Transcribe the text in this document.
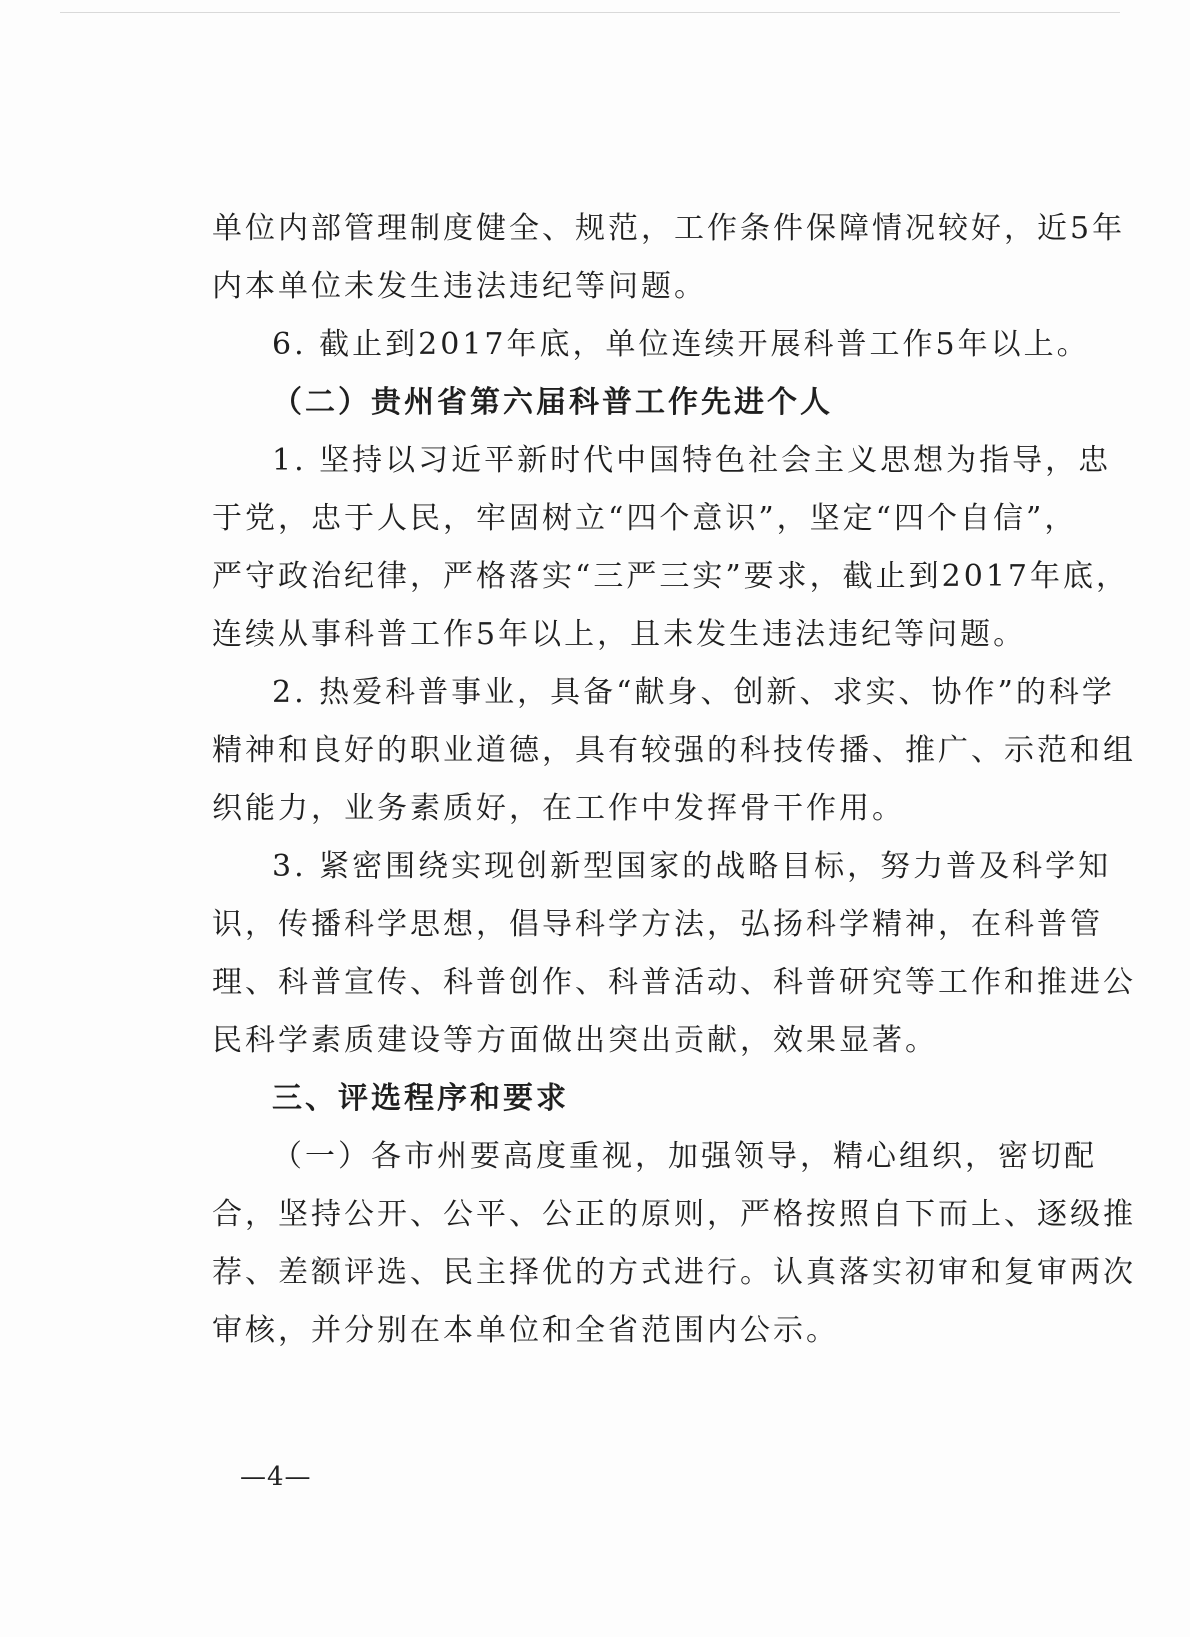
单位内部管理制度健全、规范，工作条件保障情况较好，近5年
内本单位未发生违法违纪等问题。
6. 截止到2017年底，单位连续开展科普工作5年以上。
（二）贵州省第六届科普工作先进个人
1. 坚持以习近平新时代中国特色社会主义思想为指导，忠
于党，忠于人民，牢固树立“四个意识”，坚定“四个自信”，
严守政治纪律，严格落实“三严三实”要求，截止到2017年底，
连续从事科普工作5年以上，且未发生违法违纪等问题。
2. 热爱科普事业，具备“献身、创新、求实、协作”的科学
精神和良好的职业道德，具有较强的科技传播、推广、示范和组
织能力，业务素质好，在工作中发挥骨干作用。
3. 紧密围绕实现创新型国家的战略目标，努力普及科学知
识，传播科学思想，倡导科学方法，弘扬科学精神，在科普管
理、科普宣传、科普创作、科普活动、科普研究等工作和推进公
民科学素质建设等方面做出突出贡献，效果显著。
三、评选程序和要求
（一）各市州要高度重视，加强领导，精心组织，密切配
合，坚持公开、公平、公正的原则，严格按照自下而上、逐级推
荐、差额评选、民主择优的方式进行。认真落实初审和复审两次
审核，并分别在本单位和全省范围内公示。
—4—
